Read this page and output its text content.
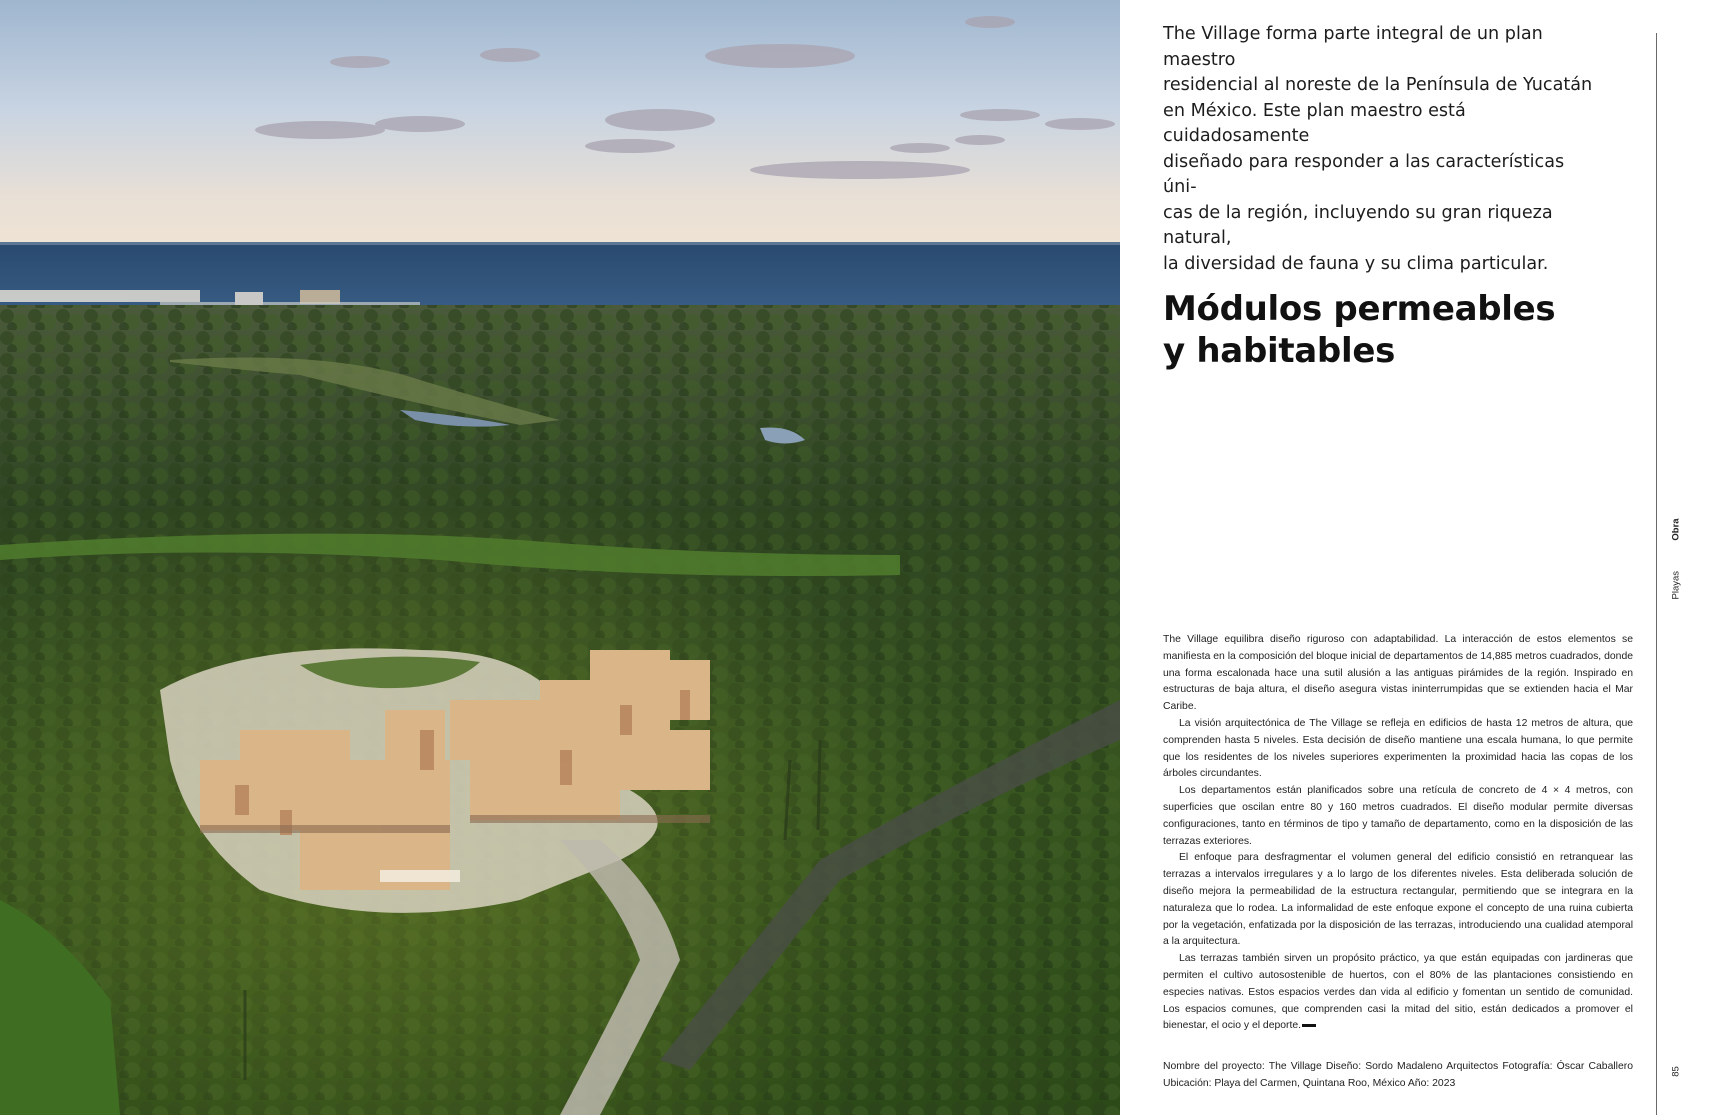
The Village forma parte integral de un plan maestro
residencial al noreste de la Península de Yucatán
en México. Este plan maestro está cuidadosamente
diseñado para responder a las características úni-
cas de la región, incluyendo su gran riqueza natural,
la diversidad de fauna y su clima particular.

Módulos permeables
y habitables

The Village equilibra diseño riguroso con adaptabilidad. La interacción de estos elementos se manifiesta en la composición del bloque inicial de departamentos de 14,885 metros cuadrados, donde una forma escalonada hace una sutil alusión a las antiguas pirámides de la región. Inspirado en estructuras de baja altura, el diseño asegura vistas ininterrumpidas que se extienden hacia el Mar Caribe.

La visión arquitectónica de The Village se refleja en edificios de hasta 12 metros de altura, que comprenden hasta 5 niveles. Esta decisión de diseño mantiene una escala humana, lo que permite que los residentes de los niveles superiores experimenten la proximidad hacia las copas de los árboles circundantes.

Los departamentos están planificados sobre una retícula de concreto de 4 × 4 metros, con superficies que oscilan entre 80 y 160 metros cuadrados. El diseño modular permite diversas configuraciones, tanto en términos de tipo y tamaño de departamento, como en la disposición de las terrazas exteriores.

El enfoque para desfragmentar el volumen general del edificio consistió en retranquear las terrazas a intervalos irregulares y a lo largo de los diferentes niveles. Esta deliberada solución de diseño mejora la permeabilidad de la estructura rectangular, permitiendo que se integrara en la naturaleza que lo rodea. La informalidad de este enfoque expone el concepto de una ruina cubierta por la vegetación, enfatizada por la disposición de las terrazas, introduciendo una cualidad atemporal a la arquitectura.

Las terrazas también sirven un propósito práctico, ya que están equipadas con jardineras que permiten el cultivo autosostenible de huertos, con el 80% de las plantaciones consistiendo en especies nativas. Estos espacios verdes dan vida al edificio y fomentan un sentido de comunidad. Los espacios comunes, que comprenden casi la mitad del sitio, están dedicados a promover el bienestar, el ocio y el deporte.

Nombre del proyecto: The Village Diseño: Sordo Madaleno Arquitectos Fotografía: Óscar Caballero Ubicación: Playa del Carmen, Quintana Roo, México Año: 2023

Obra
Playas
85
